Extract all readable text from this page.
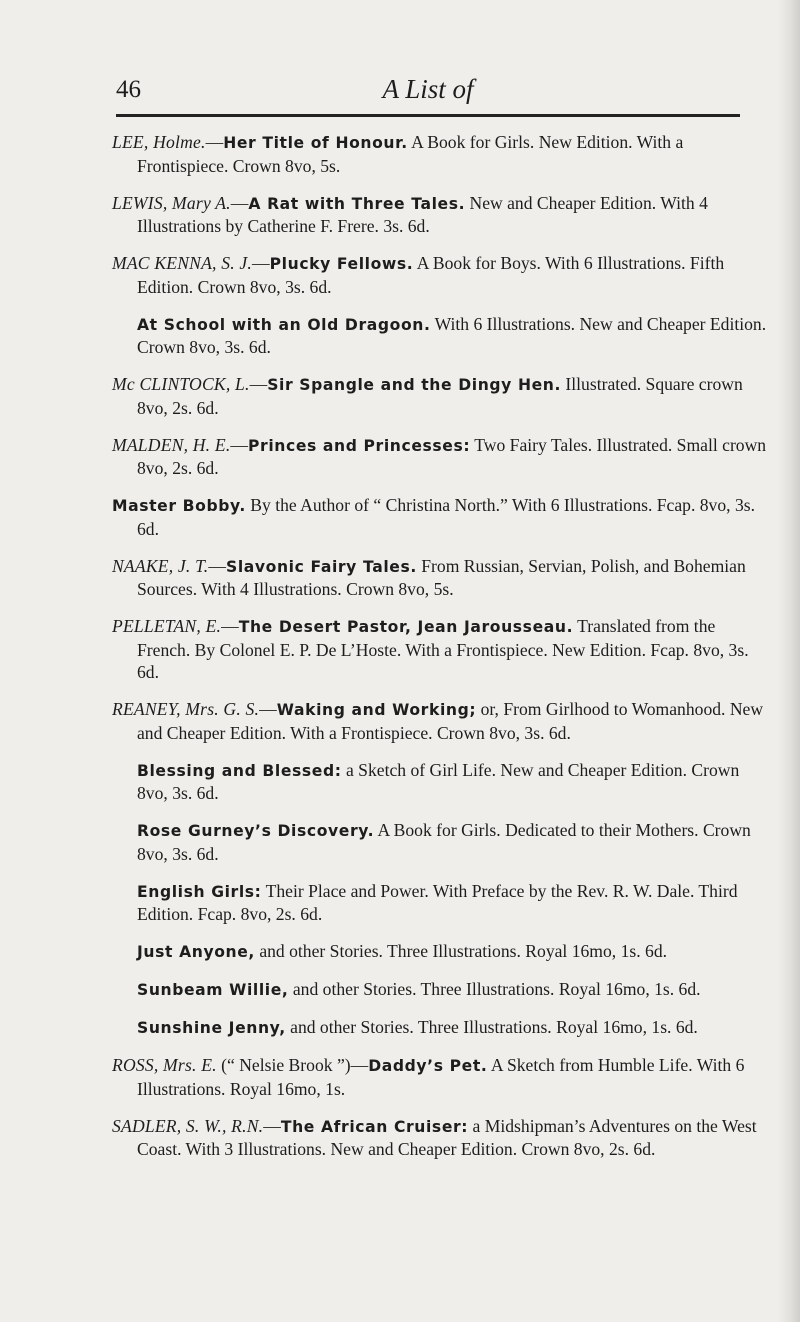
46	A List of

LEE, Holme.—Her Title of Honour. A Book for Girls. New Edition. With a Frontispiece. Crown 8vo, 5s.

LEWIS, Mary A.—A Rat with Three Tales. New and Cheaper Edition. With 4 Illustrations by Catherine F. Frere. 3s. 6d.

MAC KENNA, S. J.—Plucky Fellows. A Book for Boys. With 6 Illustrations. Fifth Edition. Crown 8vo, 3s. 6d.

At School with an Old Dragoon. With 6 Illustrations. New and Cheaper Edition. Crown 8vo, 3s. 6d.

Mc CLINTOCK, L.—Sir Spangle and the Dingy Hen. Illustrated. Square crown 8vo, 2s. 6d.

MALDEN, H. E.—Princes and Princesses: Two Fairy Tales. Illustrated. Small crown 8vo, 2s. 6d.

Master Bobby. By the Author of “ Christina North.” With 6 Illustrations. Fcap. 8vo, 3s. 6d.

NAAKE, J. T.—Slavonic Fairy Tales. From Russian, Servian, Polish, and Bohemian Sources. With 4 Illustrations. Crown 8vo, 5s.

PELLETAN, E.—The Desert Pastor, Jean Jarousseau. Translated from the French. By Colonel E. P. De L’Hoste. With a Frontispiece. New Edition. Fcap. 8vo, 3s. 6d.

REANEY, Mrs. G. S.—Waking and Working; or, From Girlhood to Womanhood. New and Cheaper Edition. With a Frontispiece. Crown 8vo, 3s. 6d.

Blessing and Blessed: a Sketch of Girl Life. New and Cheaper Edition. Crown 8vo, 3s. 6d.

Rose Gurney’s Discovery. A Book for Girls. Dedicated to their Mothers. Crown 8vo, 3s. 6d.

English Girls: Their Place and Power. With Preface by the Rev. R. W. Dale. Third Edition. Fcap. 8vo, 2s. 6d.

Just Anyone, and other Stories. Three Illustrations. Royal 16mo, 1s. 6d.

Sunbeam Willie, and other Stories. Three Illustrations. Royal 16mo, 1s. 6d.

Sunshine Jenny, and other Stories. Three Illustrations. Royal 16mo, 1s. 6d.

ROSS, Mrs. E. (“ Nelsie Brook ”)—Daddy’s Pet. A Sketch from Humble Life. With 6 Illustrations. Royal 16mo, 1s.

SADLER, S. W., R.N.—The African Cruiser: a Midshipman’s Adventures on the West Coast. With 3 Illustrations. New and Cheaper Edition. Crown 8vo, 2s. 6d.
